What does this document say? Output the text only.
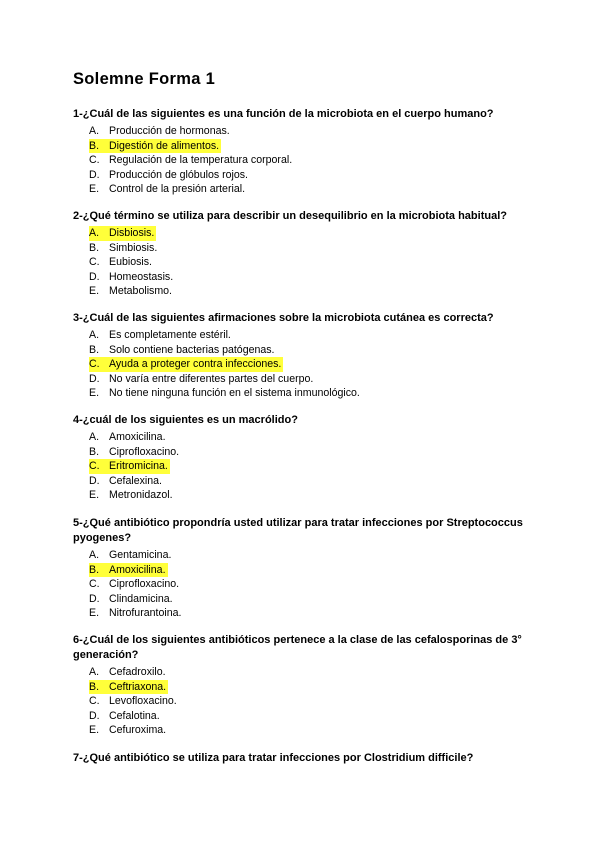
Solemne Forma 1

1-¿Cuál de las siguientes es una función de la microbiota en el cuerpo humano?

A. Producción de hormonas.
B. Digestión de alimentos.
C. Regulación de la temperatura corporal.
D. Producción de glóbulos rojos.
E. Control de la presión arterial.

2-¿Qué término se utiliza para describir un desequilibrio en la microbiota habitual?

A. Disbiosis.
B. Simbiosis.
C. Eubiosis.
D. Homeostasis.
E. Metabolismo.

3-¿Cuál de las siguientes afirmaciones sobre la microbiota cutánea es correcta?

A. Es completamente estéril.
B. Solo contiene bacterias patógenas.
C. Ayuda a proteger contra infecciones.
D. No varía entre diferentes partes del cuerpo.
E. No tiene ninguna función en el sistema inmunológico.

4-¿cuál de los siguientes es un macrólido?

A. Amoxicilina.
B. Ciprofloxacino.
C. Eritromicina.
D. Cefalexina.
E. Metronidazol.

5-¿Qué antibiótico propondría usted utilizar para tratar infecciones por Streptococcus pyogenes?

A. Gentamicina.
B. Amoxicilina.
C. Ciprofloxacino.
D. Clindamicina.
E. Nitrofurantoina.

6-¿Cuál de los siguientes antibióticos pertenece a la clase de las cefalosporinas de 3° generación?

A. Cefadroxilo.
B. Ceftriaxona.
C. Levofloxacino.
D. Cefalotina.
E. Cefuroxima.

7-¿Qué antibiótico se utiliza para tratar infecciones por Clostridium difficile?
